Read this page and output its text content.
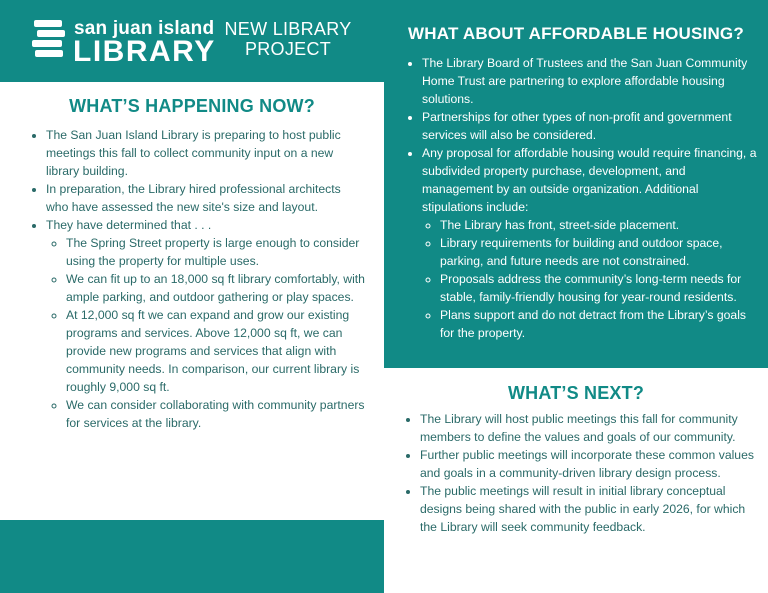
san juan island
LIBRARY
NEW LIBRARY
PROJECT
WHAT’S HAPPENING NOW?
• The San Juan Island Library is preparing to host public meetings this fall to collect community input on a new library building.
• In preparation, the Library hired professional architects who have assessed the new site's size and layout.
• They have determined that . . .
◦ The Spring Street property is large enough to consider using the property for multiple uses.
◦ We can fit up to an 18,000 sq ft library comfortably, with ample parking, and outdoor gathering or play spaces.
◦ At 12,000 sq ft we can expand and grow our existing programs and services. Above 12,000 sq ft, we can provide new programs and services that align with community needs. In comparison, our current library is roughly 9,000 sq ft.
◦ We can consider collaborating with community partners for services at the library.
WHAT ABOUT AFFORDABLE HOUSING?
• The Library Board of Trustees and the San Juan Community Home Trust are partnering to explore affordable housing solutions.
• Partnerships for other types of non-profit and government services will also be considered.
• Any proposal for affordable housing would require financing, a subdivided property purchase, development, and management by an outside organization. Additional stipulations include:
◦ The Library has front, street-side placement.
◦ Library requirements for building and outdoor space, parking, and future needs are not constrained.
◦ Proposals address the community’s long-term needs for stable, family-friendly housing for year-round residents.
◦ Plans support and do not detract from the Library’s goals for the property.
WHAT’S NEXT?
• The Library will host public meetings this fall for community members to define the values and goals of our community.
• Further public meetings will incorporate these common values and goals in a community-driven library design process.
• The public meetings will result in initial library conceptual designs being shared with the public in early 2026, for which the Library will seek community feedback.
